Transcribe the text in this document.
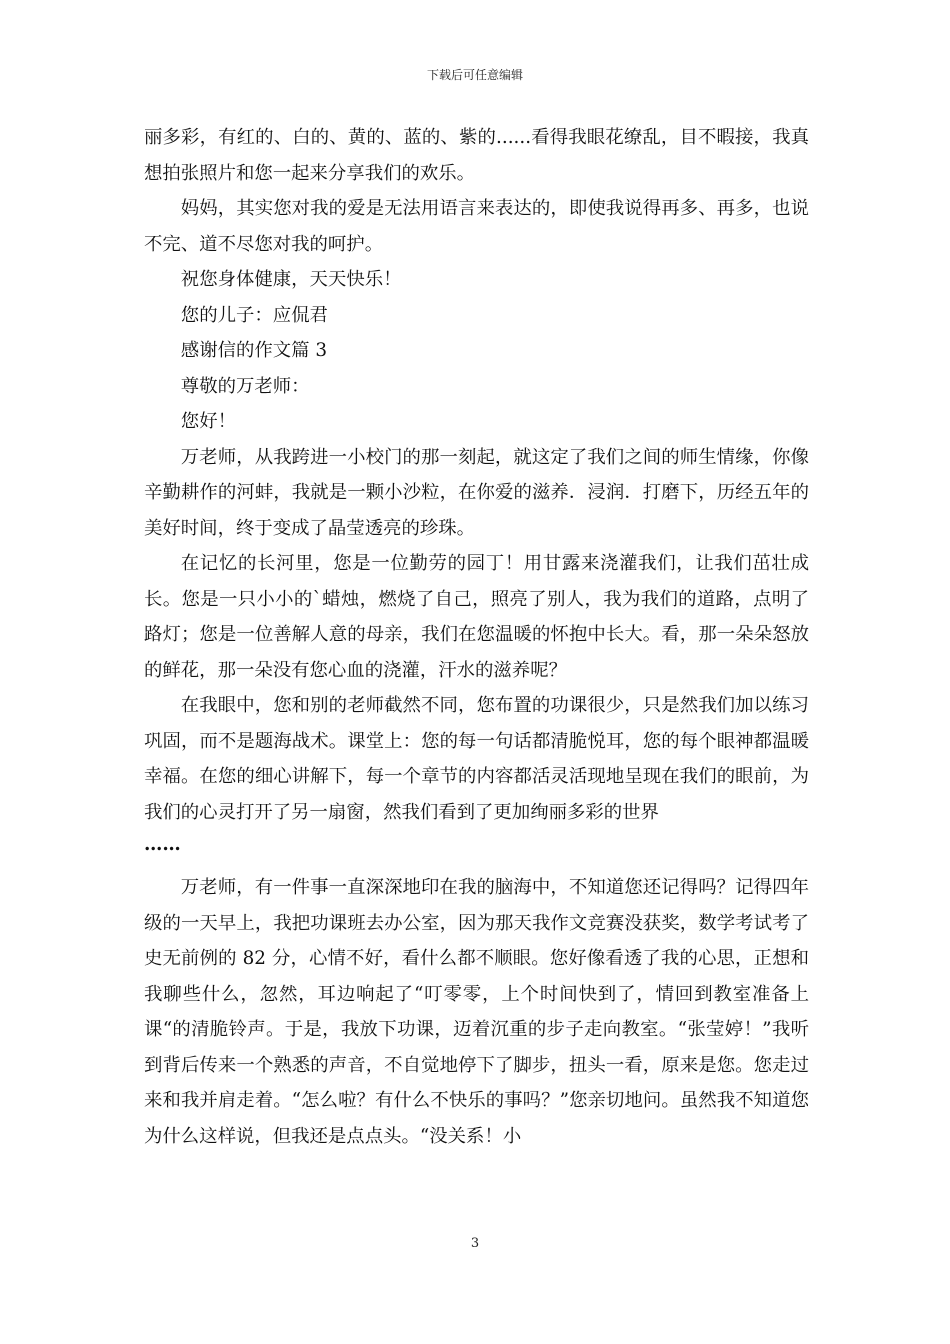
下载后可任意编辑

丽多彩，有红的、白的、黄的、蓝的、紫的......看得我眼花缭乱，目不暇接，我真想拍张照片和您一起来分享我们的欢乐。

妈妈，其实您对我的爱是无法用语言来表达的，即使我说得再多、再多，也说不完、道不尽您对我的呵护。

祝您身体健康，天天快乐！

您的儿子：应侃君

感谢信的作文篇 3

尊敬的万老师：

您好！

万老师，从我跨进一小校门的那一刻起，就这定了我们之间的师生情缘，你像辛勤耕作的河蚌，我就是一颗小沙粒，在你爱的滋养．浸润．打磨下，历经五年的美好时间，终于变成了晶莹透亮的珍珠。

在记忆的长河里，您是一位勤劳的园丁！用甘露来浇灌我们，让我们茁壮成长。您是一只小小的`蜡烛，燃烧了自己，照亮了别人，我为我们的道路，点明了路灯；您是一位善解人意的母亲，我们在您温暖的怀抱中长大。看，那一朵朵怒放的鲜花，那一朵没有您心血的浇灌，汗水的滋养呢？

在我眼中，您和别的老师截然不同，您布置的功课很少，只是然我们加以练习巩固，而不是题海战术。课堂上：您的每一句话都清脆悦耳，您的每个眼神都温暖幸福。在您的细心讲解下，每一个章节的内容都活灵活现地呈现在我们的眼前，为我们的心灵打开了另一扇窗，然我们看到了更加绚丽多彩的世界

……

万老师，有一件事一直深深地印在我的脑海中，不知道您还记得吗？记得四年级的一天早上，我把功课班去办公室，因为那天我作文竞赛没获奖，数学考试考了史无前例的 82 分，心情不好，看什么都不顺眼。您好像看透了我的心思，正想和我聊些什么，忽然，耳边响起了“叮零零，上个时间快到了，情回到教室准备上课“的清脆铃声。于是，我放下功课，迈着沉重的步子走向教室。“张莹婷！”我听到背后传来一个熟悉的声音，不自觉地停下了脚步，扭头一看，原来是您。您走过来和我并肩走着。“怎么啦？有什么不快乐的事吗？”您亲切地问。虽然我不知道您为什么这样说，但我还是点点头。“没关系！小

3
